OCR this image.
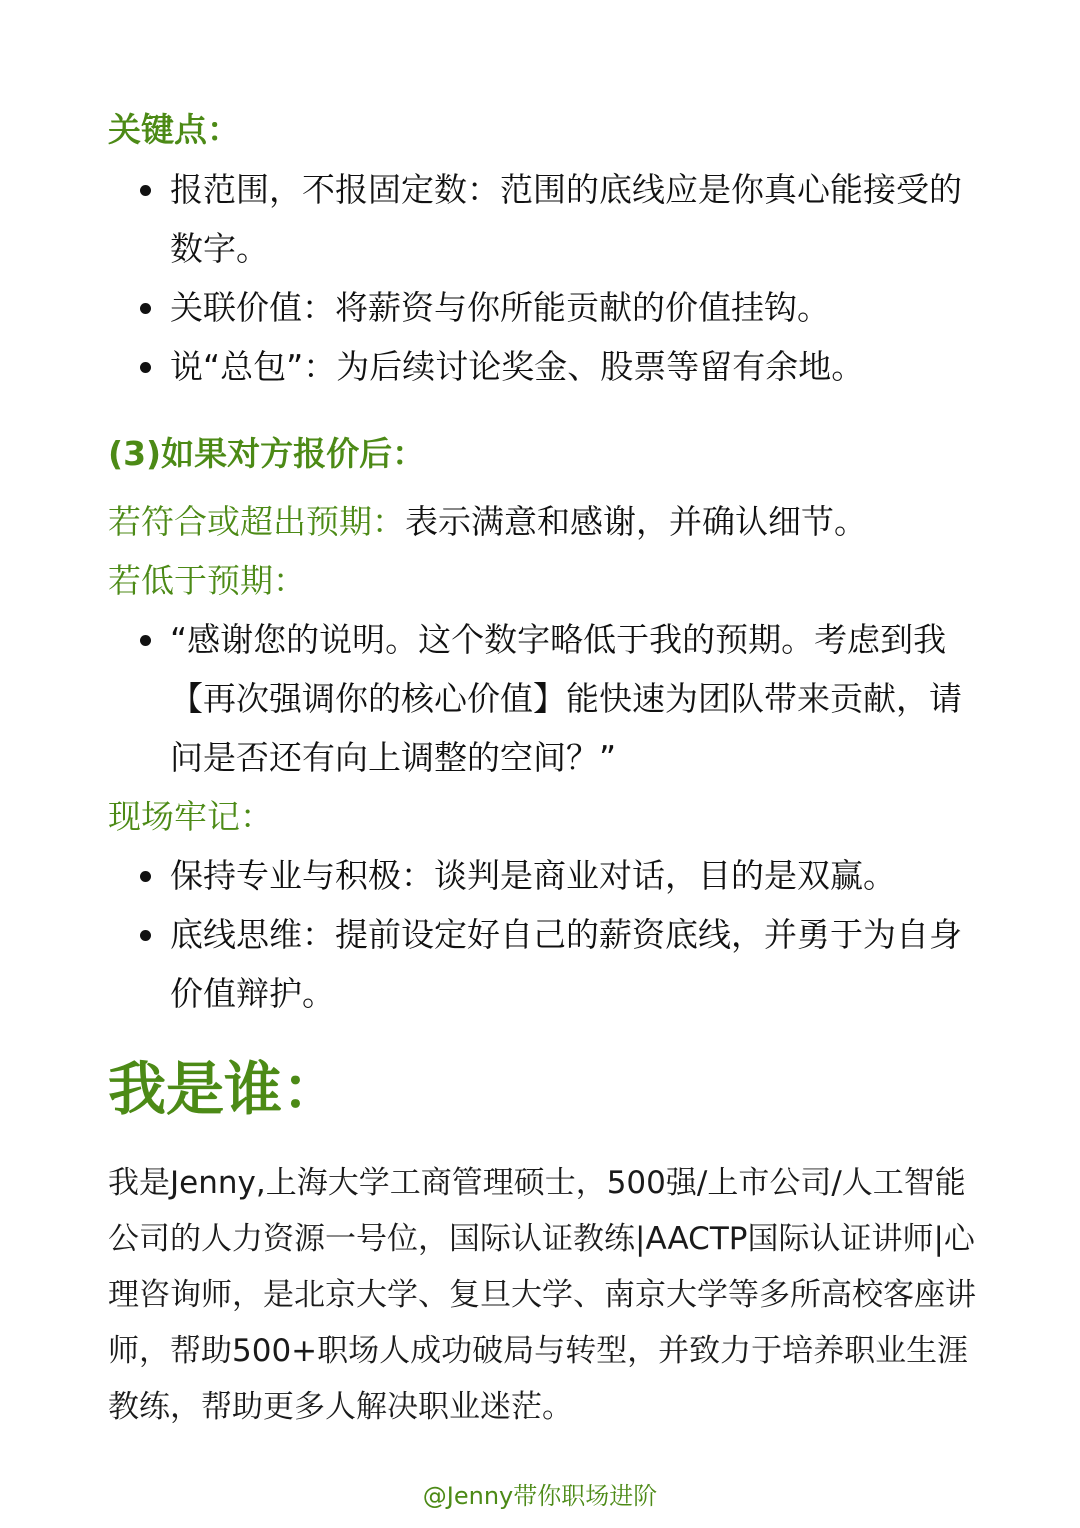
关键点：
报范围，不报固定数：范围的底线应是你真心能接受的数字。
关联价值：将薪资与你所能贡献的价值挂钩。
说“总包”：为后续讨论奖金、股票等留有余地。
(3)如果对方报价后：

若符合或超出预期：表示满意和感谢，并确认细节。

若低于预期：

“感谢您的说明。这个数字略低于我的预期。考虑到我【再次强调你的核心价值】能快速为团队带来贡献，请问是否还有向上调整的空间？”

现场牢记：

保持专业与积极：谈判是商业对话，目的是双赢。
底线思维：提前设定好自己的薪资底线，并勇于为自身价值辩护。
我是谁：

我是Jenny,上海大学工商管理硕士，500强/上市公司/人工智能公司的人力资源一号位，国际认证教练|AACTP国际认证讲师|心理咨询师，是北京大学、复旦大学、南京大学等多所高校客座讲师，帮助500+职场人成功破局与转型，并致力于培养职业生涯教练，帮助更多人解决职业迷茫。

@Jenny带你职场进阶
